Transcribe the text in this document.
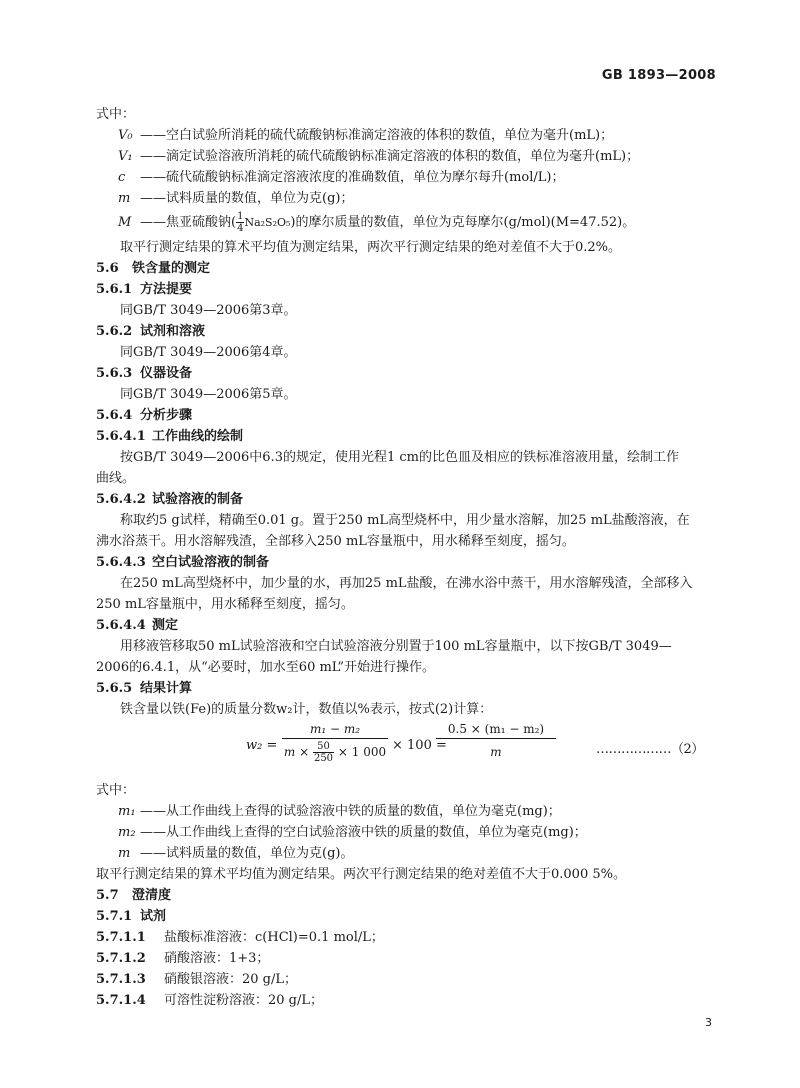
GB 1893—2008
式中：
V₀ ——空白试验所消耗的硫代硫酸钠标准滴定溶液的体积的数值，单位为毫升(mL)；
V₁ ——滴定试验溶液所消耗的硫代硫酸钠标准滴定溶液的体积的数值，单位为毫升(mL)；
c ——硫代硫酸钠标准滴定溶液浓度的准确数值，单位为摩尔每升(mol/L)；
m ——试料质量的数值，单位为克(g)；
M ——焦亚硫酸钠( $\frac{1}{4} Na_2S_2O_5$)的摩尔质量的数值，单位为克每摩尔(g/mol)(M=47.52)。
取平行测定结果的算术平均值为测定结果，两次平行测定结果的绝对差值不大于0.2%。
5.6 铁含量的测定
5.6.1 方法提要
同GB/T 3049—2006第3章。
5.6.2 试剂和溶液
同GB/T 3049—2006第4章。
5.6.3 仪器设备
同GB/T 3049—2006第5章。
5.6.4 分析步骤
5.6.4.1 工作曲线的绘制
按GB/T 3049—2006中6.3的规定，使用光程1 cm的比色皿及相应的铁标准溶液用量，绘制工作
曲线。
5.6.4.2 试验溶液的制备
称取约5 g试样，精确至0.01 g。置于250 mL高型烧杯中，用少量水溶解，加25 mL盐酸溶液，在
沸水浴蒸干。用水溶解残渣，全部移入250 mL容量瓶中，用水稀释至刻度，摇匀。
5.6.4.3 空白试验溶液的制备
在250 mL高型烧杯中，加少量的水，再加25 mL盐酸，在沸水浴中蒸干，用水溶解残渣，全部移入
250 mL容量瓶中，用水稀释至刻度，摇匀。
5.6.4.4 测定
用移液管移取50 mL试验溶液和空白试验溶液分别置于100 mL容量瓶中，以下按GB/T 3049—
2006的6.4.1，从“必要时，加水至60 mL”开始进行操作。
5.6.5 结果计算
铁含量以铁(Fe)的质量分数w₂计，数值以%表示，按式(2)计算：
$w_2 = \frac{\text{m₁ − m₂}}{m \times \frac{50}{250} \times 1 000} \times 100$ =
$\frac{\text{0.5 × (m₁ − m₂)}}{m}$	………………（2）
式中：
m₁ ——从工作曲线上查得的试验溶液中铁的质量的数值，单位为毫克(mg)；
m₂ ——从工作曲线上查得的空白试验溶液中铁的质量的数值，单位为毫克(mg)；
m ——试料质量的数值，单位为克(g)。
取平行测定结果的算术平均值为测定结果。两次平行测定结果的绝对差值不大于0.000 5%。
5.7 澄清度
5.7.1 试剂
5.7.1.1 盐酸标准溶液：c(HCl)=0.1 mol/L；
5.7.1.2 硝酸溶液：1+3；
5.7.1.3 硝酸银溶液：20 g/L；
5.7.1.4 可溶性淀粉溶液：20 g/L；
3
